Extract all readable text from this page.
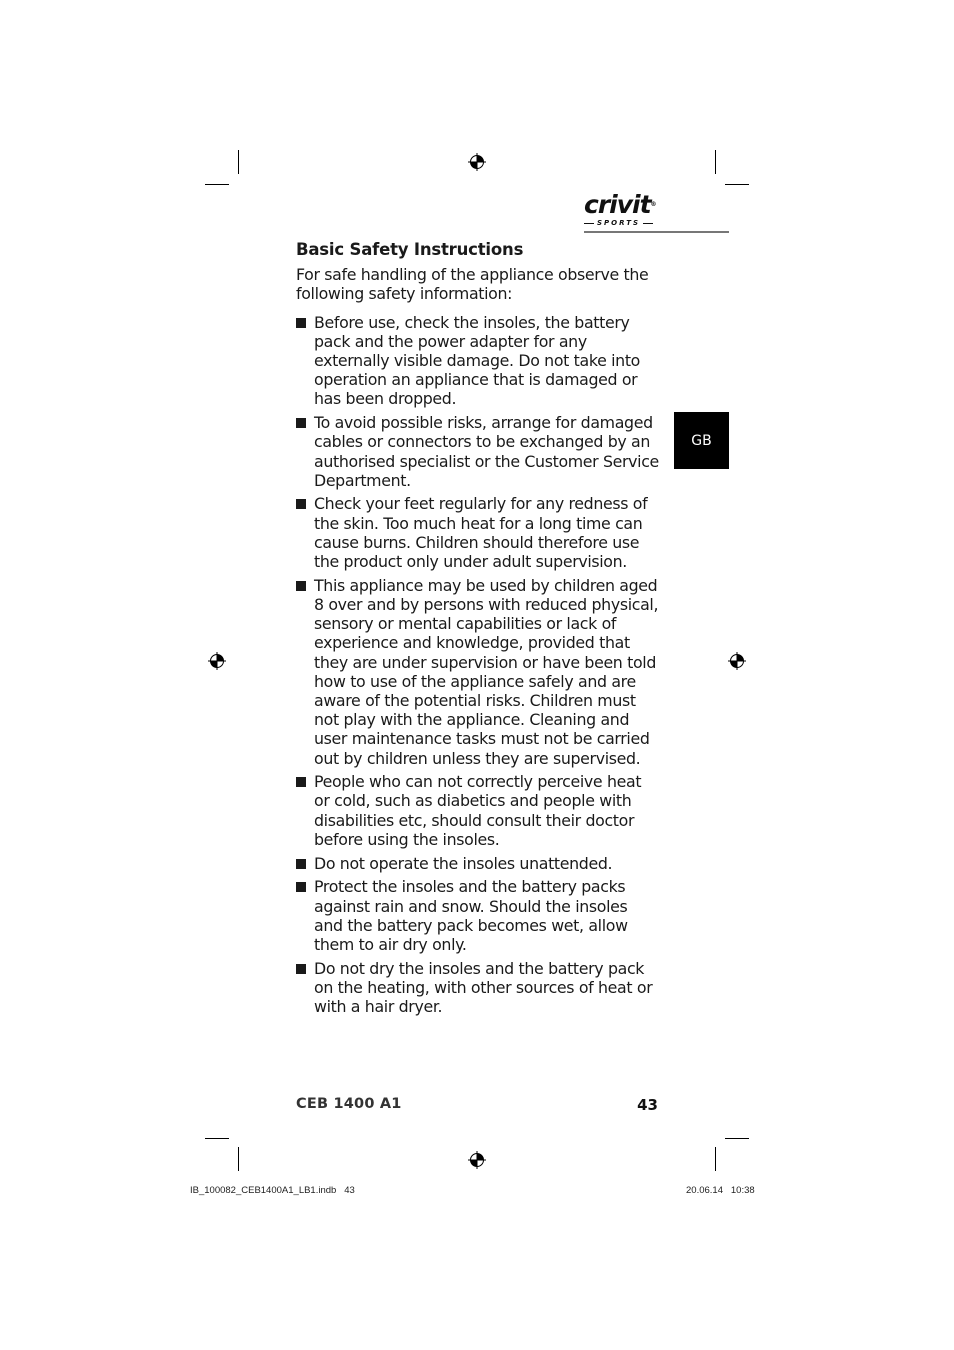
crivit®
SPORTS
Basic Safety Instructions

For safe handling of the appliance observe the following safety information:

Before use, check the insoles, the battery pack and the power adapter for any externally visible damage. Do not take into operation an appliance that is damaged or has been dropped.
To avoid possible risks, arrange for damaged cables or connectors to be exchanged by an authorised specialist or the Customer Service Department.
Check your feet regularly for any redness of the skin. Too much heat for a long time can cause burns. Children should therefore use the product only under adult supervision.
This appliance may be used by children aged 8 over and by persons with reduced physical, sensory or mental capabilities or lack of experience and knowledge, provided that they are under supervision or have been told how to use of the appliance safely and are aware of the potential risks. Children must not play with the appliance. Cleaning and user maintenance tasks must not be carried out by children unless they are supervised.
People who can not correctly perceive heat or cold, such as diabetics and people with disabilities etc, should consult their doctor before using the insoles.
Do not operate the insoles unattended.
Protect the insoles and the battery packs against rain and snow. Should the insoles and the battery pack becomes wet, allow them to air dry only.
Do not dry the insoles and the battery pack on the heating, with other sources of heat or with a hair dryer.
GB
CEB 1400 A1	43
IB_100082_CEB1400A1_LB1.indb   43	20.06.14   10:38
